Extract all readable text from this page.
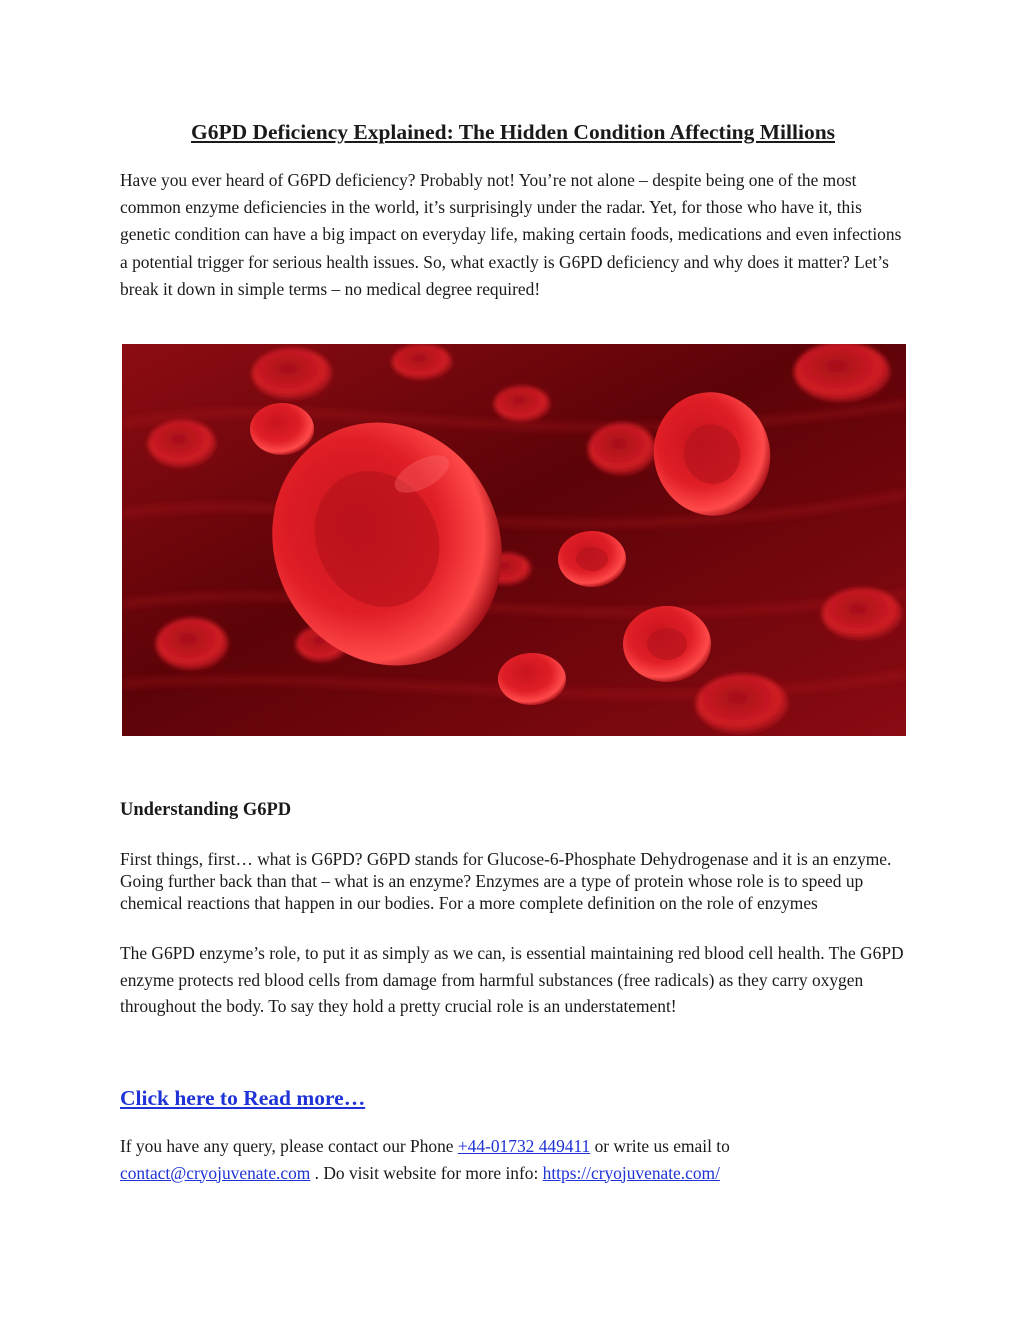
G6PD Deficiency Explained: The Hidden Condition Affecting Millions

Have you ever heard of G6PD deficiency? Probably not! You’re not alone – despite being one of the most common enzyme deficiencies in the world, it’s surprisingly under the radar. Yet, for those who have it, this genetic condition can have a big impact on everyday life, making certain foods, medications and even infections a potential trigger for serious health issues. So, what exactly is G6PD deficiency and why does it matter? Let’s break it down in simple terms – no medical degree required!

Understanding G6PD

First things, first… what is G6PD? G6PD stands for Glucose-6-Phosphate Dehydrogenase and it is an enzyme. Going further back than that – what is an enzyme? Enzymes are a type of protein whose role is to speed up chemical reactions that happen in our bodies. For a more complete definition on the role of enzymes

The G6PD enzyme’s role, to put it as simply as we can, is essential maintaining red blood cell health. The G6PD enzyme protects red blood cells from damage from harmful substances (free radicals) as they carry oxygen throughout the body. To say they hold a pretty crucial role is an understatement!

Click here to Read more…

If you have any query, please contact our Phone +44-01732 449411 or write us email to contact@cryojuvenate.com . Do visit website for more info: https://cryojuvenate.com/
